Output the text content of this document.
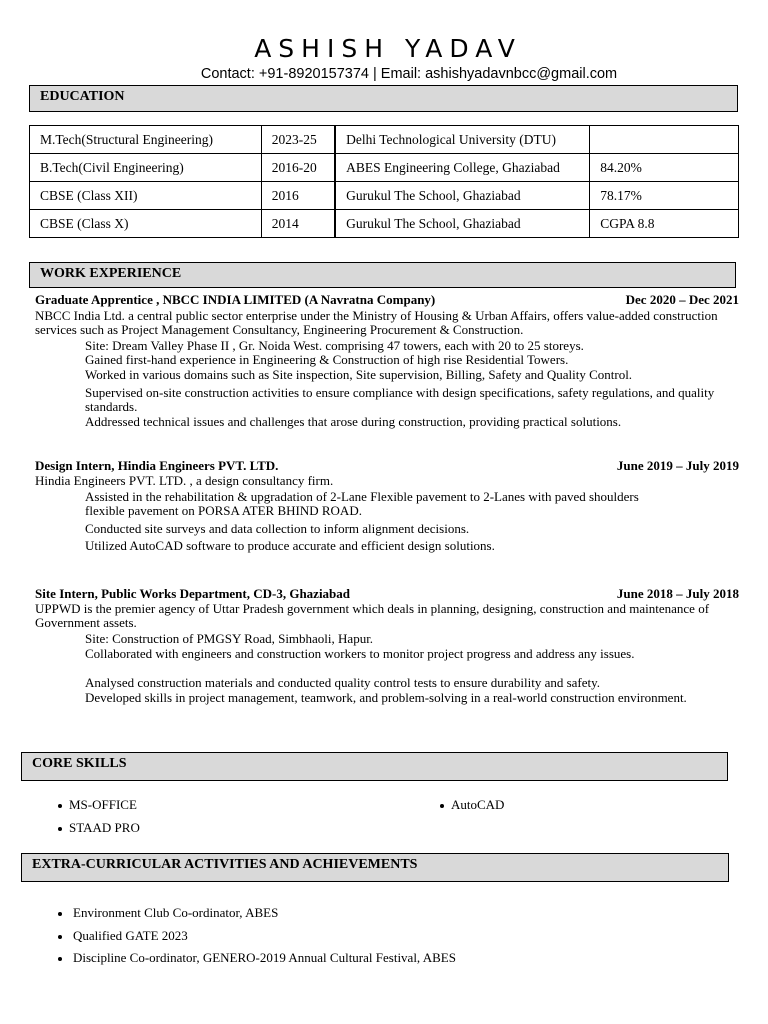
ASHISH YADAV
Contact: +91-8920157374 | Email: ashishyadavnbcc@gmail.com
EDUCATION
M.Tech(Structural Engineering)	2023-25	Delhi Technological University (DTU)	
B.Tech(Civil Engineering)	2016-20	ABES Engineering College, Ghaziabad	84.20%
CBSE (Class XII)	2016	Gurukul The School, Ghaziabad	78.17%
CBSE (Class X)	2014	Gurukul The School, Ghaziabad	CGPA 8.8
WORK EXPERIENCE
Graduate Apprentice , NBCC INDIA LIMITED (A Navratna Company)	Dec 2020 – Dec 2021
NBCC India Ltd. a central public sector enterprise under the Ministry of Housing & Urban Affairs, offers value-added construction services such as Project Management Consultancy, Engineering Procurement & Construction.
Site: Dream Valley Phase II , Gr. Noida West. comprising 47 towers, each with 20 to 25 storeys.
Gained first-hand experience in Engineering & Construction of high rise Residential Towers.
Worked in various domains such as Site inspection, Site supervision, Billing, Safety and Quality Control.
Supervised on-site construction activities to ensure compliance with design specifications, safety regulations, and quality standards.
Addressed technical issues and challenges that arose during construction, providing practical solutions.
Design Intern, Hindia Engineers PVT. LTD.	June 2019 – July 2019
Hindia Engineers PVT. LTD. , a design consultancy firm.
Assisted in the rehabilitation & upgradation of 2-Lane Flexible pavement to 2-Lanes with paved shoulders flexible pavement on PORSA ATER BHIND ROAD.
Conducted site surveys and data collection to inform alignment decisions.
Utilized AutoCAD software to produce accurate and efficient design solutions.
Site Intern, Public Works Department, CD-3, Ghaziabad	June 2018 – July 2018
UPPWD is the premier agency of Uttar Pradesh government which deals in planning, designing, construction and maintenance of Government assets.
Site: Construction of PMGSY Road, Simbhaoli, Hapur.
Collaborated with engineers and construction workers to monitor project progress and address any issues.
Analysed construction materials and conducted quality control tests to ensure durability and safety.
Developed skills in project management, teamwork, and problem-solving in a real-world construction environment.
CORE SKILLS
MS-OFFICE	AutoCAD
STAAD PRO
EXTRA-CURRICULAR ACTIVITIES AND ACHIEVEMENTS
Environment Club Co-ordinator, ABES
Qualified GATE 2023
Discipline Co-ordinator, GENERO-2019 Annual Cultural Festival, ABES
